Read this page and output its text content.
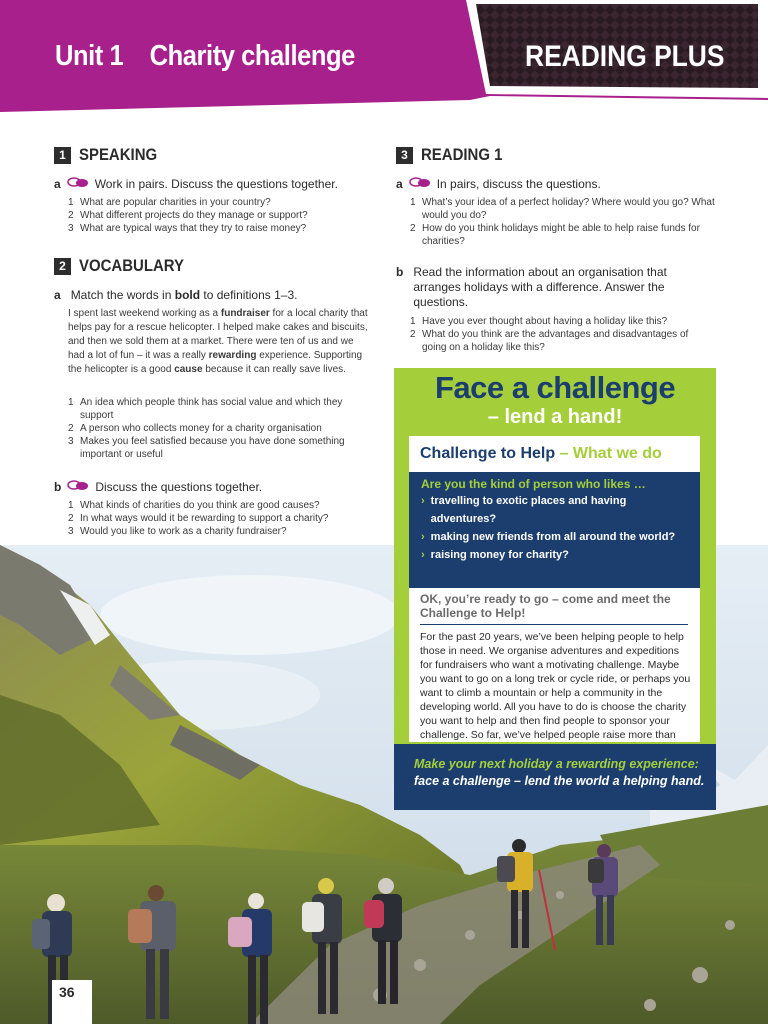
Unit 1 Charity challenge	READING PLUS
1 SPEAKING
a	Work in pairs. Discuss the questions together.
1 What are popular charities in your country?
2 What different projects do they manage or support?
3 What are typical ways that they try to raise money?
2 VOCABULARY
a Match the words in bold to definitions 1–3.
I spent last weekend working as a fundraiser for a local charity that helps pay for a rescue helicopter. I helped make cakes and biscuits, and then we sold them at a market. There were ten of us and we had a lot of fun – it was a really rewarding experience. Supporting the helicopter is a good cause because it can really save lives.
1 An idea which people think has social value and which they support
2 A person who collects money for a charity organisation
3 Makes you feel satisfied because you have done something important or useful
b	Discuss the questions together.
1 What kinds of charities do you think are good causes?
2 In what ways would it be rewarding to support a charity?
3 Would you like to work as a charity fundraiser?
3 READING 1
a	In pairs, discuss the questions.
1 What’s your idea of a perfect holiday? Where would you go? What would you do?
2 How do you think holidays might be able to help raise funds for charities?
b Read the information about an organisation that arranges holidays with a difference. Answer the questions.
1 Have you ever thought about having a holiday like this?
2 What do you think are the advantages and disadvantages of going on a holiday like this?
36
Face a challenge
– lend a hand!
Challenge to Help – What we do
Are you the kind of person who likes …
› travelling to exotic places and having adventures?
› making new friends from all around the world?
› raising money for charity?
OK, you’re ready to go – come and meet the Challenge to Help!
For the past 20 years, we’ve been helping people to help those in need. We organise adventures and expeditions for fundraisers who want a motivating challenge. Maybe you want to go on a long trek or cycle ride, or perhaps you want to climb a mountain or help a community in the developing world. All you have to do is choose the charity you want to help and then find people to sponsor your challenge. So far, we’ve helped people raise more than
Make your next holiday a rewarding experience:
face a challenge – lend the world a helping hand.
